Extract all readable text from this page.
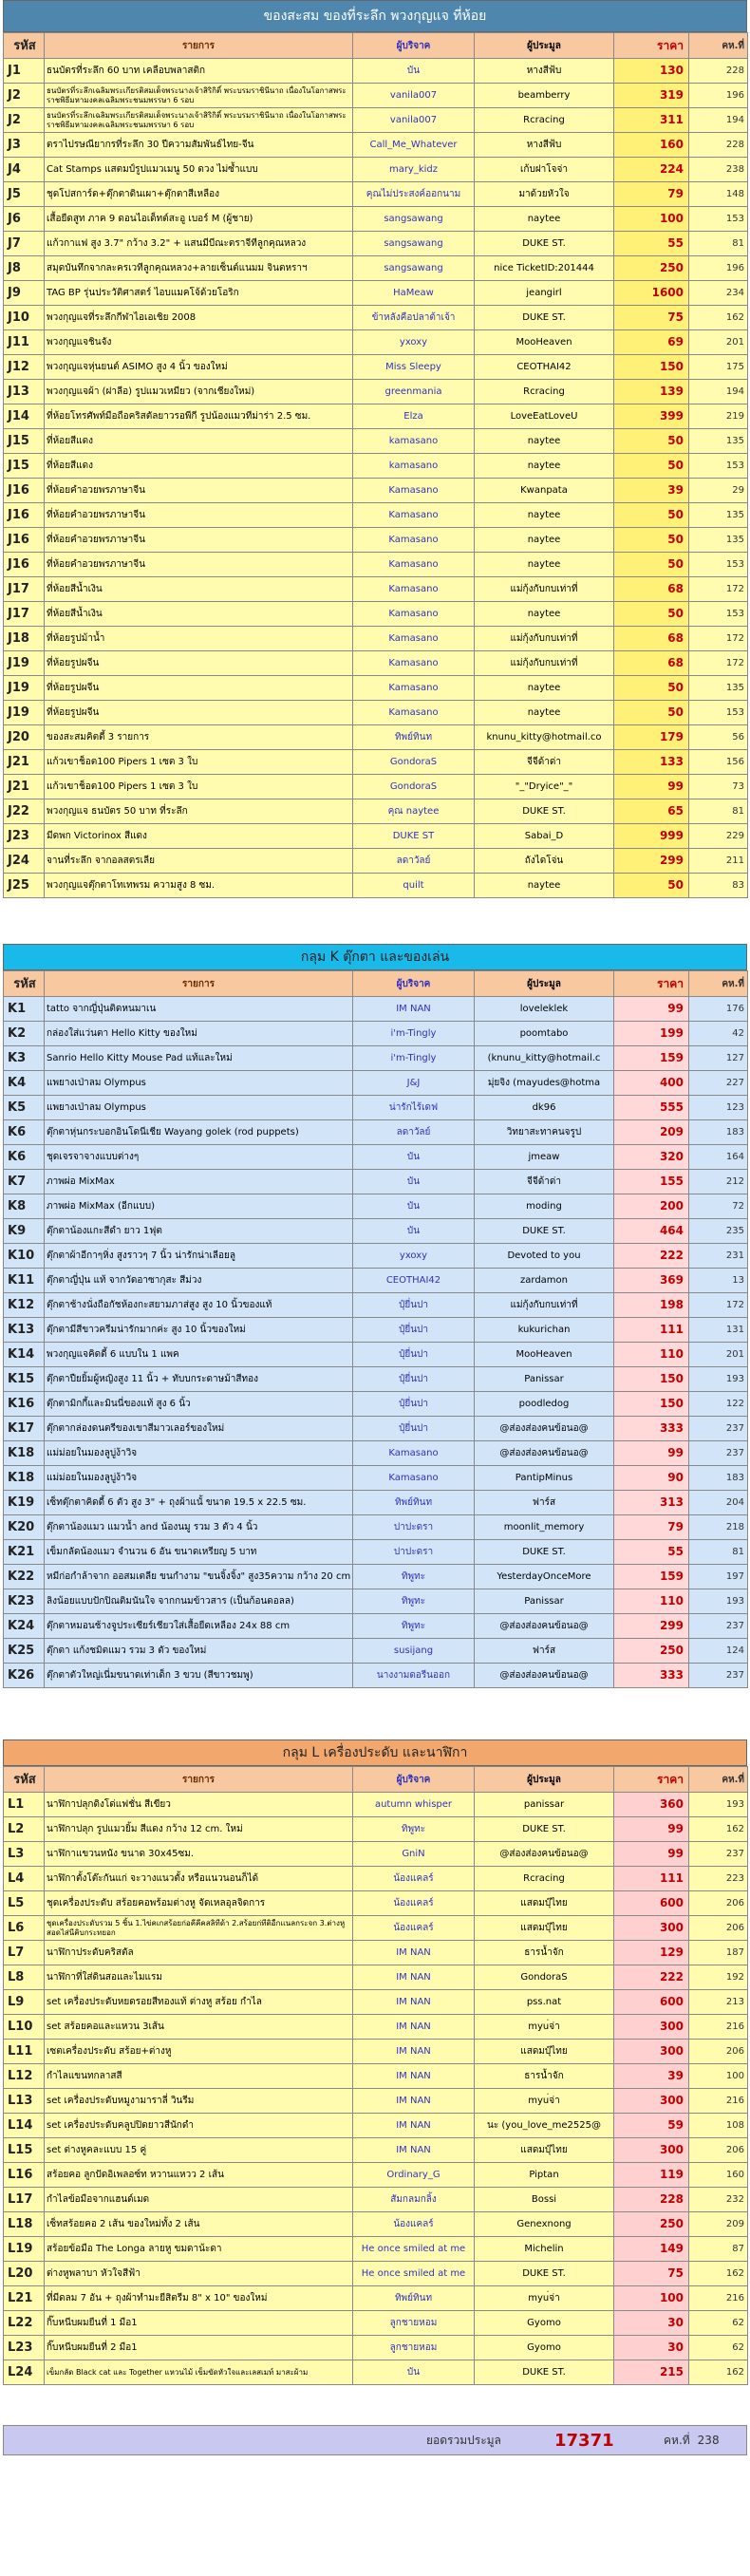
ของสะสม ของที่ระลึก พวงกุญแจ ที่ห้อย
รหัส	รายการ	ผู้บริจาค	ผู้ประมูล	ราคา	คห.ที่
J1	ธนบัตรที่ระลึก 60 บาท เคลือบพลาสติก	บัน	หางสีฟ้บ	130	228
J2	ธนบัตรที่ระลึกเฉลิมพระเกียรติสมเด็จพระนางเจ้าสิริกิติ์ พระบรมราชินีนาถ เนื่องในโอกาสพระราชพิธีมหามงคลเฉลิมพระชนมพรรษา 6 รอบ	vanila007	beamberry	319	196
J2	ธนบัตรที่ระลึกเฉลิมพระเกียรติสมเด็จพระนางเจ้าสิริกิติ์ พระบรมราชินีนาถ เนื่องในโอกาสพระราชพิธีมหามงคลเฉลิมพระชนมพรรษา 6 รอบ	vanila007	Rcracing	311	194
J3	ตราไปรษณียากรที่ระลึก 30 ปีความสัมพันธ์ไทย-จีน	Call_Me_Whatever	หางสีฟ้บ	160	228
J4	Cat Stamps แสตมป์รูปแมวเมนู 50 ดวง ไม่ซ้ำแบบ	mary_kidz	เก้บฝาโจจ่า	224	238
J5	ชุดโปสการ์ด+ตุ๊กตาดินเผา+ตุ๊กตาสีเหลือง	คุณไม่ประสงค์ออกนาม	มาด้วยหัวใจ	79	148
J6	เสื้อยืดสูท ภาค 9 ดอนไอเด็ทต์สะอู เบอร์ M (ผู้ชาย)	sangsawang	naytee	100	153
J7	แก้วกาแฟ สูง 3.7" กว้าง 3.2" + แสนมีบีณะตราจีทีลูกคุณหลวง	sangsawang	DUKE ST.	55	81
J8	สมุดบันทึกจากละครเวทีลูกคุณหลวง+ลายเซ็นต์แนมม จินตหราฯ	sangsawang	nice TicketID:201444	250	196
J9	TAG BP รุ่นประวัติศาสตร์ ไอบแมคโจ้ด้วยโอริก	HaMeaw	jeangirl	1600	234
J10	พวงกุญแจที่ระลึกกีฬาไอเอเชิย 2008	ข้าหลังคือปลาต้าเจ้า	DUKE ST.	75	162
J11	พวงกุญแจชินจัง	yxoxy	MooHeaven	69	201
J12	พวงกุญแจหุ่นยนต์ ASIMO สูง 4 นิ้ว ของใหม่	Miss Sleepy	CEOTHAI42	150	175
J13	พวงกุญแจผ้า (ฝาลีอ) รูปแมวเหมียว (จากเชียงใหม่)	greenmania	Rcracing	139	194
J14	ที่ห้อยโทรศัพท์มือถือคริสตัลยาวรอพีกี รูปน้องแมวทีม่าร่า 2.5 ซม.	Elza	LoveEatLoveU	399	219
J15	ที่ห้อยสีแดง	kamasano	naytee	50	135
J15	ที่ห้อยสีแดง	kamasano	naytee	50	153
J16	ที่ห้อยคำอวยพรภาษาจีน	Kamasano	Kwanpata	39	29
J16	ที่ห้อยคำอวยพรภาษาจีน	Kamasano	naytee	50	135
J16	ที่ห้อยคำอวยพรภาษาจีน	Kamasano	naytee	50	135
J16	ที่ห้อยคำอวยพรภาษาจีน	Kamasano	naytee	50	153
J17	ที่ห้อยสีน้ำเงิน	Kamasano	แม่กุ้งกับกบเท่าที่	68	172
J17	ที่ห้อยสีน้ำเงิน	Kamasano	naytee	50	153
J18	ที่ห้อยรูปม้าน้ำ	Kamasano	แม่กุ้งกับกบเท่าที่	68	172
J19	ที่ห้อยรูปผจีน	Kamasano	แม่กุ้งกับกบเท่าที่	68	172
J19	ที่ห้อยรูปผจีน	Kamasano	naytee	50	135
J19	ที่ห้อยรูปผจีน	Kamasano	naytee	50	153
J20	ของสะสมคิตตี้ 3 รายการ	ทิพย์ทินท	knunu_kitty@hotmail.co	179	56
J21	แก้วเขาช็อต100 Pipers 1 เซต 3 ใบ	GondoraS	จีจีด้าด่า	133	156
J21	แก้วเขาช็อต100 Pipers 1 เซต 3 ใบ	GondoraS	"_"Dryice"_"	99	73
J22	พวงกุญแจ ธนบัตร 50 บาท ที่ระลึก	คุณ naytee	DUKE ST.	65	81
J23	มีดพก Victorinox สีแดง	DUKE ST	Sabai_D	999	229
J24	จานที่ระลึก จากอลสตรเลีย	ลดาวัลย์	ถังไดโจ่น	299	211
J25	พวงกุญแจตุ๊กตาโทเทพรม ความสูง 8 ซม.	quilt	naytee	50	83
กลุม K ตุ๊กตา และของเล่น
รหัส	รายการ	ผู้บริจาค	ผู้ประมูล	ราคา	คห.ที่
K1	tatto จากญี่ปุ่นติดหนมาเน	IM NAN	loveleklek	99	176
K2	กล่องใส่แว่นตา Hello Kitty ของใหม่	i'm-Tingly	poomtabo	199	42
K3	Sanrio Hello Kitty Mouse Pad แท้และใหม่	i'm-Tingly	(knunu_kitty@hotmail.c	159	127
K4	แพยางเป่าลม Olympus	J&J	มุ่ยจิง (mayudes@hotma	400	227
K5	แพยางเป่าลม Olympus	น่ารักไร้เดฟ	dk96	555	123
K6	ตุ๊กตาหุ่นกระบอกอินโดนีเชีย Wayang golek (rod puppets)	ลดาวัลย์	วิทยาสะทาคนจรูป	209	183
K6	ชุดเจรจาจางแบบต่างๆ	บัน	jmeaw	320	164
K7	ภาพผ่อ MixMax	บัน	จีจีด้าด่า	155	212
K8	ภาพผ่อ MixMax (อีกแบบ)	บัน	moding	200	72
K9	ตุ๊กตาน้องแกะสีดำ ยาว 1ฟุต	บัน	DUKE ST.	464	235
K10	ตุ๊กตาผ้าอีกาๆหิ่ง สูงราวๆ 7 นิ้ว น่ารักน่าเลีอยลู	yxoxy	Devoted to you	222	231
K11	ตุ๊กตาญี่ปุ่น แท้ จากวัดอาซากุสะ สีม่วง	CEOTHAI42	zardamon	369	13
K12	ตุ๊กตาช้างนั่งถือกัชห้องกะสยามภาส่สูง สูง 10 นิ้วของแท้	ปุ๋ยี่นปา	แม่กุ้งกับกบเท่าที่	198	172
K13	ตุ๊กตามีสีขาวครีมน่ารักมากค่ะ สูง 10 นิ้วของใหม่	ปุ๋ยี่นปา	kukurichan	111	131
K14	พวงกุญแจคิดดี้ 6 แบบใน 1 แพค	ปุ๋ยี่นปา	MooHeaven	110	201
K15	ตุ๊กตาปืยยิ้มผู้หญิงสูง 11 นิ้ว + ทับบกระดาษม้าสีทอง	ปุ๋ยี่นปา	Panissar	150	193
K16	ตุ๊กตามิกกี้และมินนี่ของแท้ สูง 6 นิ้ว	ปุ๋ยี่นปา	poodledog	150	122
K17	ตุ๊กตากล่องดนตรีของเขาสีมาวเลอร์ของใหม่	ปุ๋ยี่นปา	@ส่องส่องคนข้อนอ@	333	237
K18	แม่ม่อยในมองลูบู่ง้าวิจ	Kamasano	@ส่องส่องคนข้อนอ@	99	237
K18	แม่ม่อยในมองลูบู่ง้าวิจ	Kamasano	PantipMinus	90	183
K19	เซ็ทตุ๊กตาคิดดี้ 6 ตัว สูง 3" + ถุงผ้าแนั้ ขนาด 19.5 x 22.5 ซม.	ทิพย์ทินท	ฟาร์ส	313	204
K20	ตุ๊กตาน้องแมว แมวน้ำ and น้องนมู รวม 3 ตัว 4 นิ้ว	ปาปะดรา	moonlit_memory	79	218
K21	เข็มกลัดน้องแมว จำนวน 6 อัน ขนาดเหรียญ 5 บาท	ปาปะดรา	DUKE ST.	55	81
K22	หมีก่อกำล้าจาก ออสมเตลีย ขนกำงาม "ขนจิ้งจิ้ง" สูง35ความ กว้าง 20 cm	ทิพูทะ	YesterdayOnceMore	159	197
K23	ลิงน้อยแบบปักปิณติมนันใจ จากกนมข้าวสาร (เป็นก้อนดอลล)	ทิพูทะ	Panissar	110	193
K24	ตุ๊กตาหมอนช้างจูประเซียร์เชียวใส่เสื้อยืดเหลือง 24x 88 cm	ทิพูทะ	@ส่องส่องคนข้อนอ@	299	237
K25	ตุ๊กตา แก้งชมิตแมว รวม 3 ตัว ของใหม่	susijang	ฟาร์ส	250	124
K26	ตุ๊กตาตัวใหญ่เนี่มขนาดเท่าเด็ก 3 ขวบ (สีขาวชมพู)	นางงามดอรีนออก	@ส่องส่องคนข้อนอ@	333	237
กลุม L เครื่องประดับ และนาฬิกา
รหัส	รายการ	ผู้บริจาค	ผู้ประมูล	ราคา	คห.ที่
L1	นาฬิกาปลุกดิงโด่แฟชั่น สีเขียว	autumn whisper	panissar	360	193
L2	นาฬิกาปลุก รูปแมวยิ้ม สีแดง กว้าง 12 cm. ใหม่	ทิพูทะ	DUKE ST.	99	162
L3	นาฬิกาแขวนหนัง ขนาด 30x45ซม.	GniN	@ส่องส่องคนข้อนอ@	99	237
L4	นาฬิกาตั้งโต๊ะกันแก่ จะวางแนวตั้ง หรือแนวนอนก็ได้	น้องแคลร์	Rcracing	111	223
L5	ชุดเครื่องประดับ สร้อยคอพร้อมต่างหู จัดเหลอุลจิดการ	น้องแคลร์	แสดมบุ๊ไทย	600	206
L6	ชุดเครื่องประดับรวม 5 ชิ้น 1.ไข่คเกสร้อยก่อคีคีคสลิทีด้า 2.สร้อยก่ทีติอืกเเนลกระจก 3.ต่างหูสอดไส่นีคิบกระทยอก	น้องแคลร์	แสดมบุ๊ไทย	300	206
L7	นาฬิกาประดับคริสตัล	IM NAN	ธารน้ำจัก	129	187
L8	นาฬิกาที่ใส่ดินสอและไมแรม	IM NAN	GondoraS	222	192
L9	set เครื่องประดับหยดรอยสีทองแท้ ต่างหู สร้อย กำไล	IM NAN	pss.nat	600	213
L10	set สร้อยคอและแหวน 3เส้น	IM NAN	myu่จ่า	300	216
L11	เซตเครื่องประดับ สร้อย+ต่างหู	IM NAN	แสดมบุ๊ไทย	300	206
L12	กำไลแขนทกลาสสี	IM NAN	ธารน้ำจัก	39	100
L13	set เครื่องประดับหมูงามาราลี่ วินรีม	IM NAN	myu่จ่า	300	216
L14	set เครื่องประดับคลูปปิดยาวสีนักดำ	IM NAN	นะ (you_love_me2525@	59	108
L15	set ต่างหูคละแบบ 15 คู่	IM NAN	แสดมบุ๊ไทย	300	206
L16	สร้อยคอ ลูกปัดอิเพลอซ์ท หวานแหวว 2 เส้น	Ordinary_G	Piptan	119	160
L17	กำไลข้อมือจากแฮนด์เมด	สัมกลมกลิ้ง	Bossi	228	232
L18	เซ็ทสร้อยคอ 2 เส้น ของใหม่ทั้ง 2 เส้น	น้องแคลร์	Genexnong	250	209
L19	สร้อยข้อมือ The Longa ลายหู ขมดาน้ะดา	He once smiled at me	Michelin	149	87
L20	ต่างหูพลาบา หัวใจสีฟ้า	He once smiled at me	DUKE ST.	75	162
L21	ที่มีดลม 7 อัน + ถุงผ้าทำมะยีสิตรีม 8" x 10" ของใหม่	ทิพย์ทินท	myu่จ่า	100	216
L22	กิ๊บหนีบผมยืนที่ 1 มือ1	ลูกชายหอม	Gyomo	30	62
L23	กิ๊บหนีบผมยืนที่ 2 มือ1	ลูกชายหอม	Gyomo	30	62
L24	เข็มกลัด Black cat และ Together แหวนไม้ เข็มขัดหัวใจและเลสเมท์ มาสะผ้าม	บัน	DUKE ST.	215	162
ยอดรวมประมูล	17371	คห.ที่ 238
